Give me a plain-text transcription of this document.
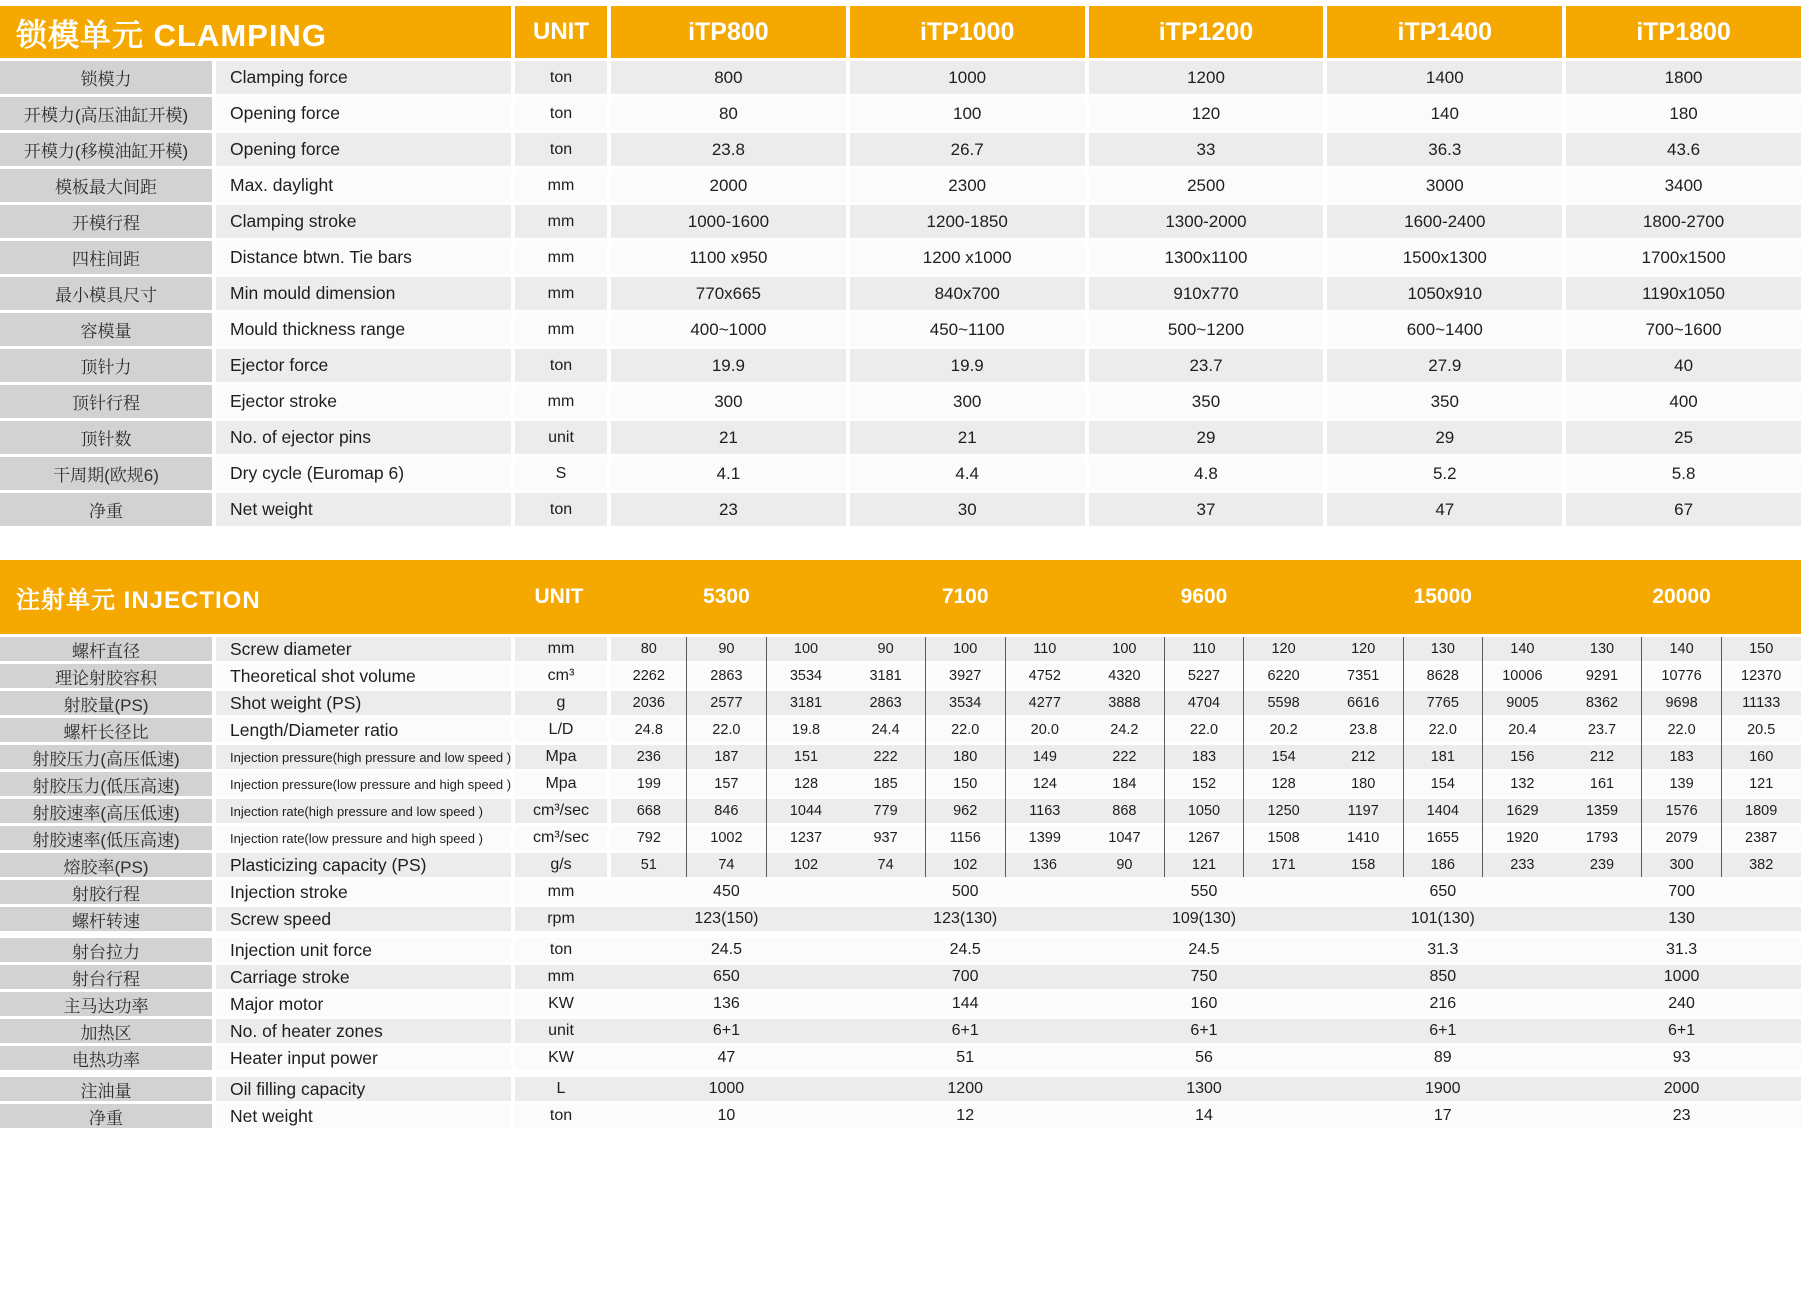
锁模单元 CLAMPING	UNIT	iTP800	iTP1000	iTP1200	iTP1400	iTP1800
锁模力	Clamping force	ton	800	1000	1200	1400	1800
开模力(高压油缸开模)	Opening force	ton	80	100	120	140	180
开模力(移模油缸开模)	Opening force	ton	23.8	26.7	33	36.3	43.6
模板最大间距	Max. daylight	mm	2000	2300	2500	3000	3400
开模行程	Clamping stroke	mm	1000-1600	1200-1850	1300-2000	1600-2400	1800-2700
四柱间距	Distance btwn. Tie bars	mm	1100 x950	1200 x1000	1300x1100	1500x1300	1700x1500
最小模具尺寸	Min mould dimension	mm	770x665	840x700	910x770	1050x910	1190x1050
容模量	Mould thickness range	mm	400~1000	450~1100	500~1200	600~1400	700~1600
顶针力	Ejector force	ton	19.9	19.9	23.7	27.9	40
顶针行程	Ejector stroke	mm	300	300	350	350	400
顶针数	No. of ejector pins	unit	21	21	29	29	25
干周期(欧规6)	Dry cycle (Euromap 6)	S	4.1	4.4	4.8	5.2	5.8
净重	Net weight	ton	23	30	37	47	67
注射单元 INJECTION	UNIT	5300	7100	9600	15000	20000
螺杆直径	Screw diameter	mm	80	90	100	90	100	110	100	110	120	120	130	140	130	140	150
理论射胶容积	Theoretical shot volume	cm³	2262	2863	3534	3181	3927	4752	4320	5227	6220	7351	8628	10006	9291	10776	12370
射胶量(PS)	Shot weight (PS)	g	2036	2577	3181	2863	3534	4277	3888	4704	5598	6616	7765	9005	8362	9698	11133
螺杆长径比	Length/Diameter ratio	L/D	24.8	22.0	19.8	24.4	22.0	20.0	24.2	22.0	20.2	23.8	22.0	20.4	23.7	22.0	20.5
射胶压力(高压低速)	Injection pressure(high pressure and low speed )	Mpa	236	187	151	222	180	149	222	183	154	212	181	156	212	183	160
射胶压力(低压高速)	Injection pressure(low pressure and high speed )	Mpa	199	157	128	185	150	124	184	152	128	180	154	132	161	139	121
射胶速率(高压低速)	Injection rate(high pressure and low speed )	cm³/sec	668	846	1044	779	962	1163	868	1050	1250	1197	1404	1629	1359	1576	1809
射胶速率(低压高速)	Injection rate(low pressure and high speed )	cm³/sec	792	1002	1237	937	1156	1399	1047	1267	1508	1410	1655	1920	1793	2079	2387
熔胶率(PS)	Plasticizing capacity (PS)	g/s	51	74	102	74	102	136	90	121	171	158	186	233	239	300	382
射胶行程	Injection stroke	mm	450	500	550	650	700
螺杆转速	Screw speed	rpm	123(150)	123(130)	109(130)	101(130)	130
射台拉力	Injection unit force	ton	24.5	24.5	24.5	31.3	31.3
射台行程	Carriage stroke	mm	650	700	750	850	1000
主马达功率	Major motor	KW	136	144	160	216	240
加热区	No. of heater zones	unit	6+1	6+1	6+1	6+1	6+1
电热功率	Heater input power	KW	47	51	56	89	93
注油量	Oil filling capacity	L	1000	1200	1300	1900	2000
净重	Net weight	ton	10	12	14	17	23
